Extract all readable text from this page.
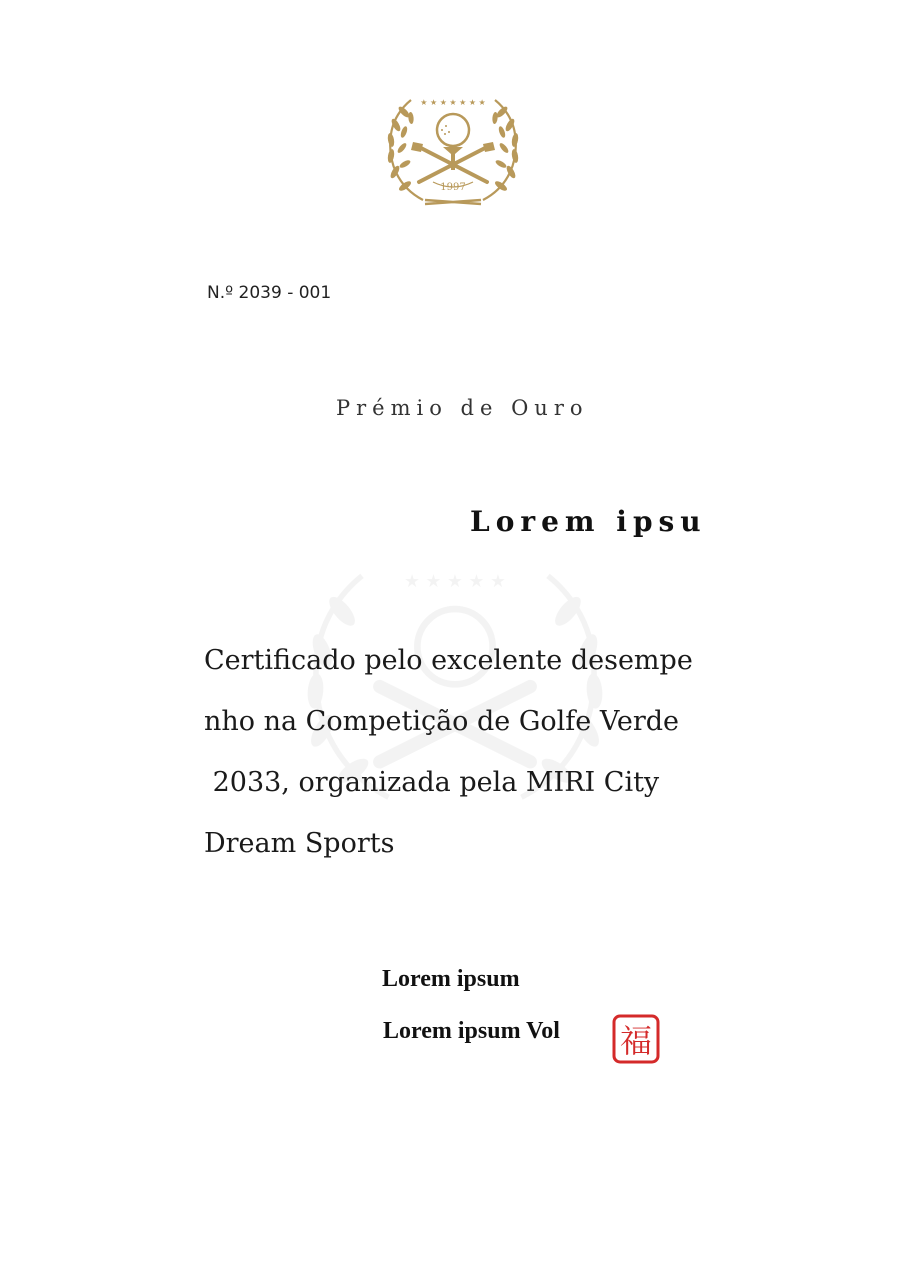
★ ★ ★ ★ ★ ★ ★
1997
★ ★ ★ ★ ★
N.º 2039 - 001
Prémio de Ouro
Lorem ipsu
Certificado pelo excelente desempe
nho na Competição de Golfe Verde
2033, organizada pela MIRI City
Dream Sports
Lorem ipsum
Lorem ipsum Vol 福
